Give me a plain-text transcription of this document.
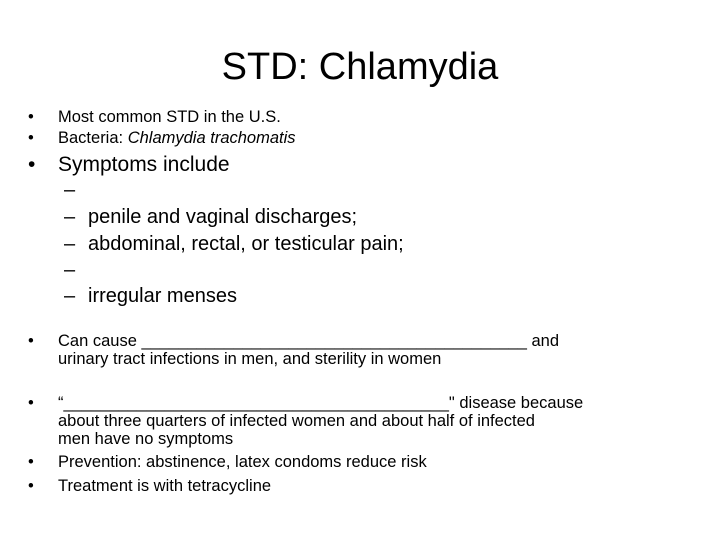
STD: Chlamydia
• Most common STD in the U.S.
• Bacteria: Chlamydia trachomatis
• Symptoms include
–
– penile and vaginal discharges;
– abdominal, rectal, or testicular pain;
–
– irregular menses
• Can cause __________________________________________ and
urinary tract infections in men, and sterility in women
• “__________________________________________" disease because
about three quarters of infected women and about half of infected
men have no symptoms
• Prevention: abstinence, latex condoms reduce risk
• Treatment is with tetracycline
